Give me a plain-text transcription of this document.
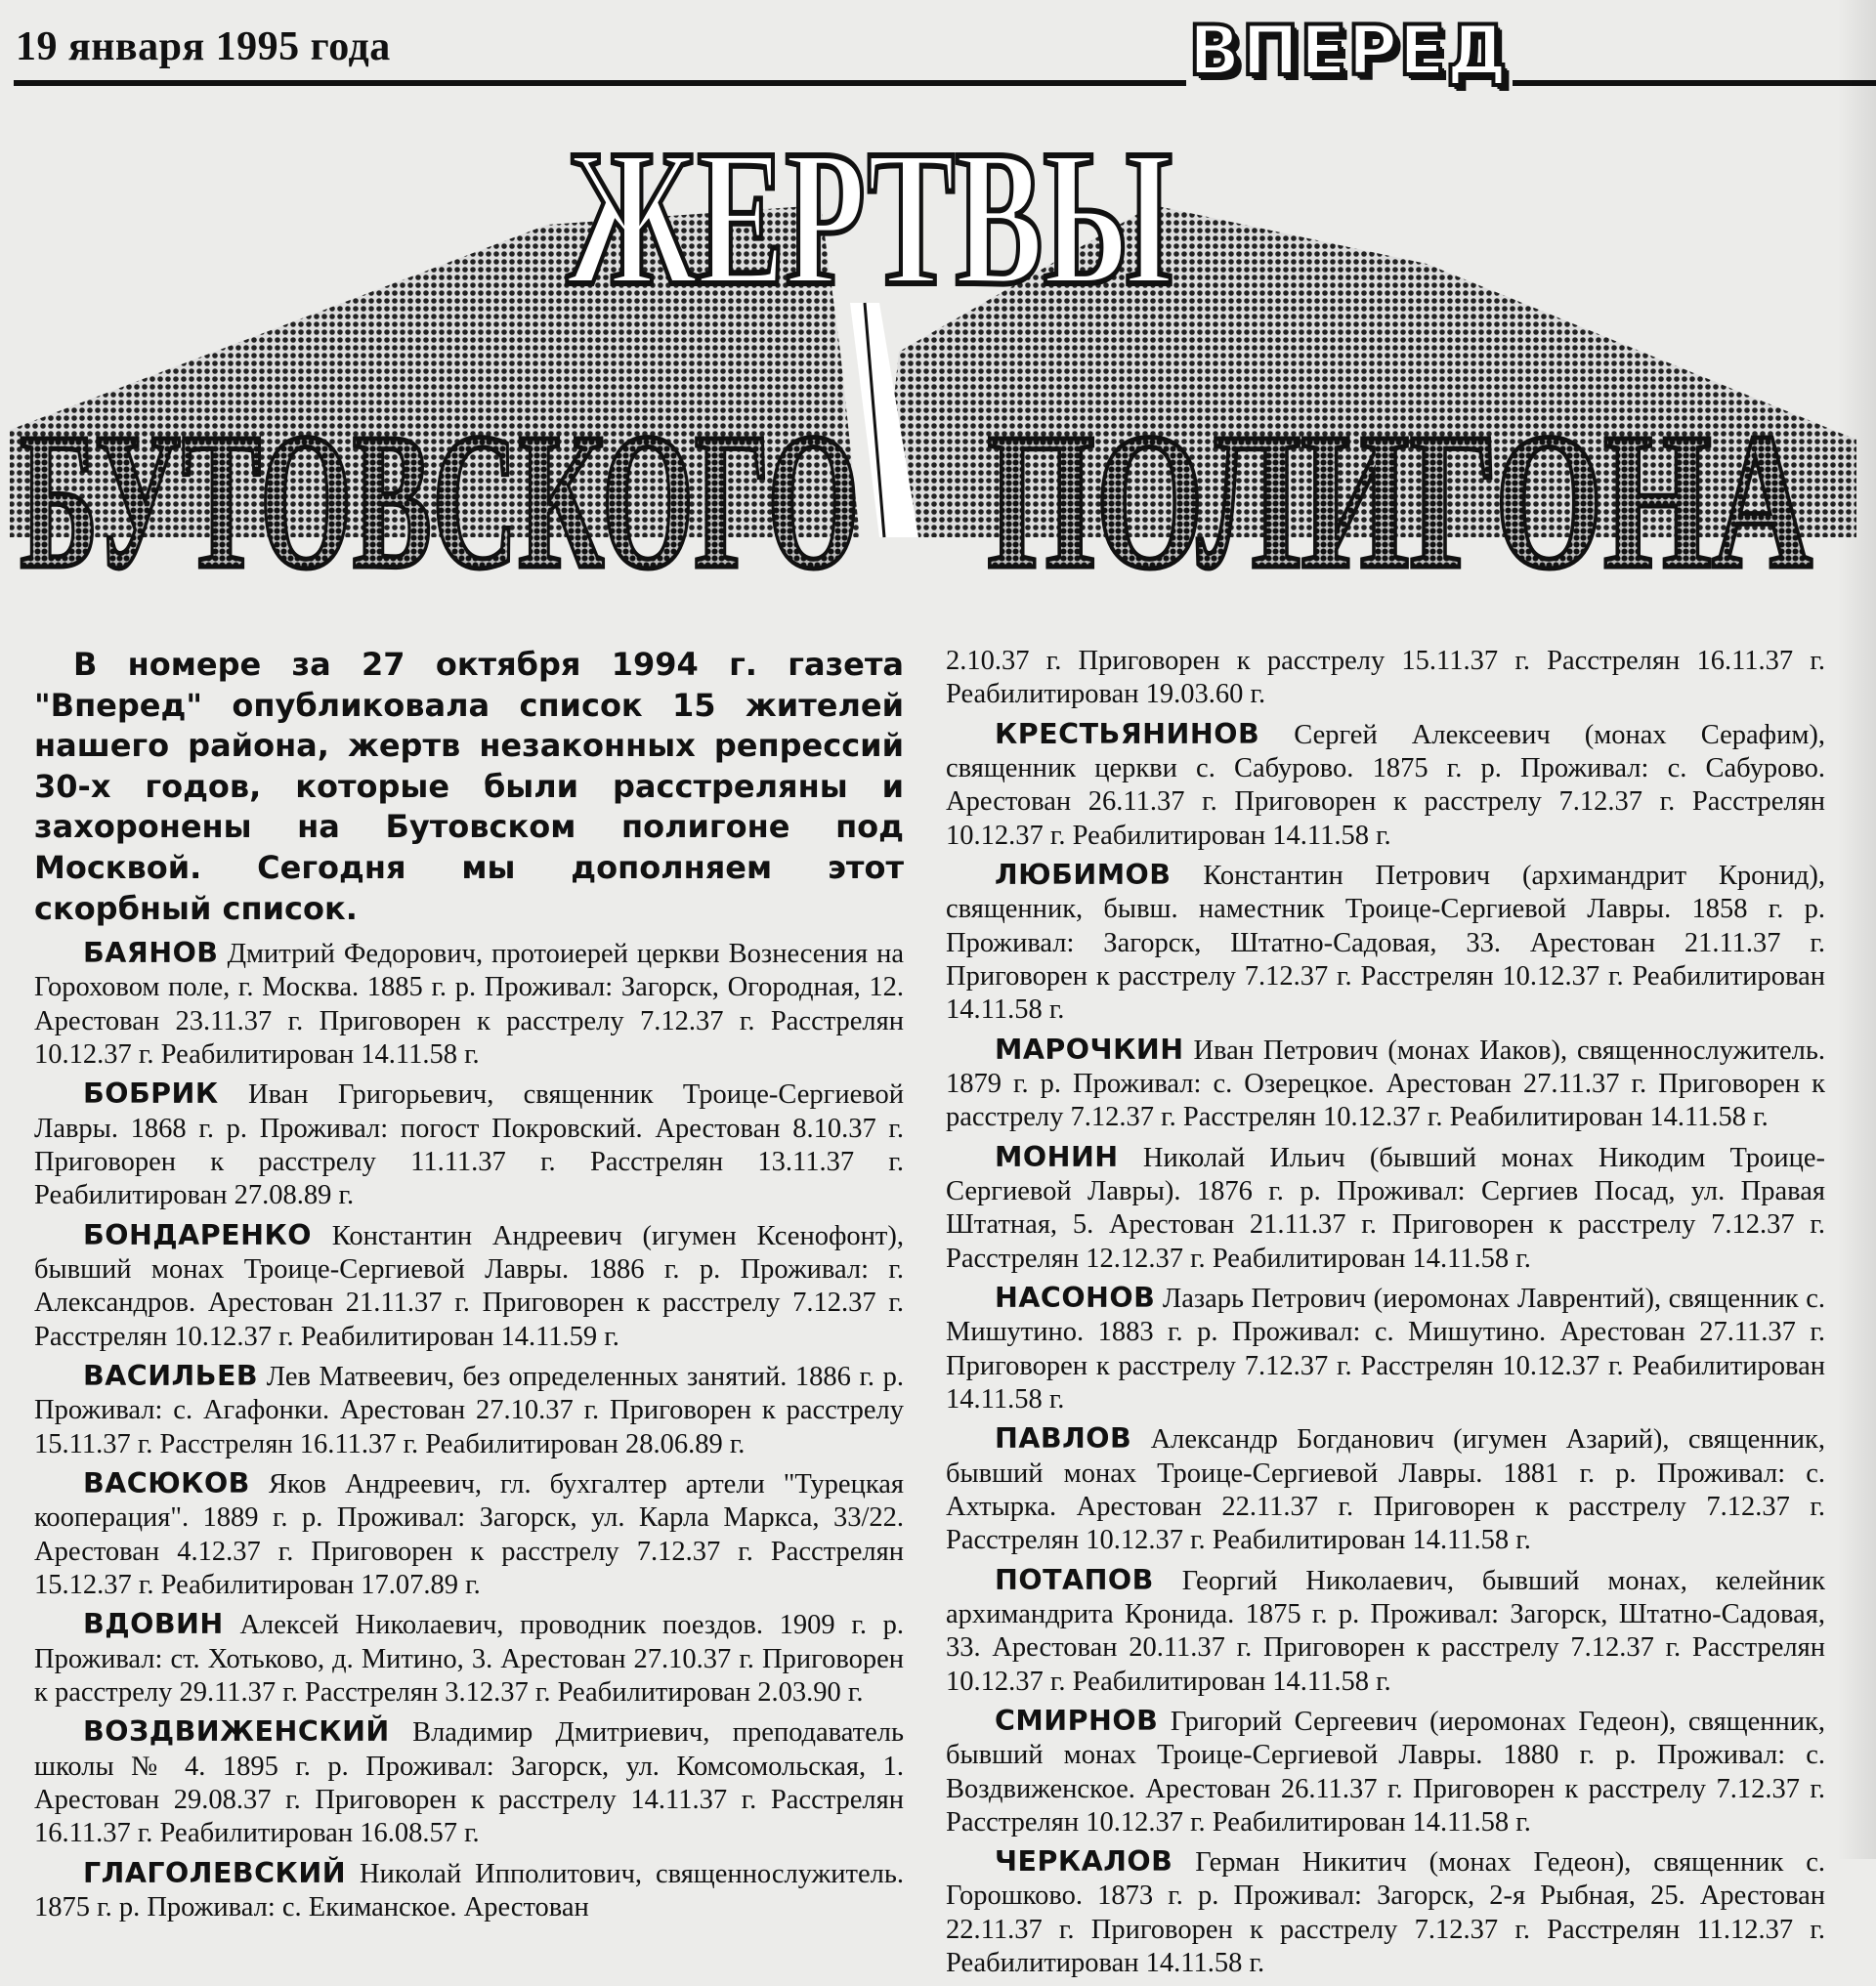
19 января 1995 года	ВПЕРЕД
ЖЕРТВЫ
БУТОВСКОГО ПОЛИГОНА

В номере за 27 октября 1994 г. газета "Вперед" опубликовала список 15 жителей нашего района, жертв незаконных репрессий 30-х годов, которые были расстреляны и захоронены на Бутовском полигоне под Москвой. Сегодня мы дополняем этот скорбный список.

БАЯНОВ Дмитрий Федорович, протоиерей церкви Вознесения на Гороховом поле, г. Москва. 1885 г. р. Проживал: Загорск, Огородная, 12. Арестован 23.11.37 г. Приговорен к расстрелу 7.12.37 г. Расстрелян 10.12.37 г. Реабилитирован 14.11.58 г.

БОБРИК Иван Григорьевич, священник Троице-Сергиевой Лавры. 1868 г. р. Проживал: погост Покровский. Арестован 8.10.37 г. Приговорен к расстрелу 11.11.37 г. Расстрелян 13.11.37 г. Реабилитирован 27.08.89 г.

БОНДАРЕНКО Константин Андреевич (игумен Ксенофонт), бывший монах Троице-Сергиевой Лавры. 1886 г. р. Проживал: г. Александров. Арестован 21.11.37 г. Приговорен к расстрелу 7.12.37 г. Расстрелян 10.12.37 г. Реабилитирован 14.11.59 г.

ВАСИЛЬЕВ Лев Матвеевич, без определенных занятий. 1886 г. р. Проживал: с. Агафонки. Арестован 27.10.37 г. Приговорен к расстрелу 15.11.37 г. Расстрелян 16.11.37 г. Реабилитирован 28.06.89 г.

ВАСЮКОВ Яков Андреевич, гл. бухгалтер артели "Турецкая кооперация". 1889 г. р. Проживал: Загорск, ул. Карла Маркса, 33/22. Арестован 4.12.37 г. Приговорен к расстрелу 7.12.37 г. Расстрелян 15.12.37 г. Реабилитирован 17.07.89 г.

ВДОВИН Алексей Николаевич, проводник поездов. 1909 г. р. Проживал: ст. Хотьково, д. Митино, 3. Арестован 27.10.37 г. Приговорен к расстрелу 29.11.37 г. Расстрелян 3.12.37 г. Реабилитирован 2.03.90 г.

ВОЗДВИЖЕНСКИЙ Владимир Дмитриевич, преподаватель школы № 4. 1895 г. р. Проживал: Загорск, ул. Комсомольская, 1. Арестован 29.08.37 г. Приговорен к расстрелу 14.11.37 г. Расстрелян 16.11.37 г. Реабилитирован 16.08.57 г.

ГЛАГОЛЕВСКИЙ Николай Ипполитович, священнослужитель. 1875 г. р. Проживал: с. Екиманское. Арестован

2.10.37 г. Приговорен к расстрелу 15.11.37 г. Расстрелян 16.11.37 г. Реабилитирован 19.03.60 г.

КРЕСТЬЯНИНОВ Сергей Алексеевич (монах Серафим), священник церкви с. Сабурово. 1875 г. р. Проживал: с. Сабурово. Арестован 26.11.37 г. Приговорен к расстрелу 7.12.37 г. Расстрелян 10.12.37 г. Реабилитирован 14.11.58 г.

ЛЮБИМОВ Константин Петрович (архимандрит Кронид), священник, бывш. наместник Троице-Сергиевой Лавры. 1858 г. р. Проживал: Загорск, Штатно-Садовая, 33. Арестован 21.11.37 г. Приговорен к расстрелу 7.12.37 г. Расстрелян 10.12.37 г. Реабилитирован 14.11.58 г.

МАРОЧКИН Иван Петрович (монах Иаков), священнослужитель. 1879 г. р. Проживал: с. Озерецкое. Арестован 27.11.37 г. Приговорен к расстрелу 7.12.37 г. Расстрелян 10.12.37 г. Реабилитирован 14.11.58 г.

МОНИН Николай Ильич (бывший монах Никодим Троице-Сергиевой Лавры). 1876 г. р. Проживал: Сергиев Посад, ул. Правая Штатная, 5. Арестован 21.11.37 г. Приговорен к расстрелу 7.12.37 г. Расстрелян 12.12.37 г. Реабилитирован 14.11.58 г.

НАСОНОВ Лазарь Петрович (иеромонах Лаврентий), священник с. Мишутино. 1883 г. р. Проживал: с. Мишутино. Арестован 27.11.37 г. Приговорен к расстрелу 7.12.37 г. Расстрелян 10.12.37 г. Реабилитирован 14.11.58 г.

ПАВЛОВ Александр Богданович (игумен Азарий), священник, бывший монах Троице-Сергиевой Лавры. 1881 г. р. Проживал: с. Ахтырка. Арестован 22.11.37 г. Приговорен к расстрелу 7.12.37 г. Расстрелян 10.12.37 г. Реабилитирован 14.11.58 г.

ПОТАПОВ Георгий Николаевич, бывший монах, келейник архимандрита Кронида. 1875 г. р. Проживал: Загорск, Штатно-Садовая, 33. Арестован 20.11.37 г. Приговорен к расстрелу 7.12.37 г. Расстрелян 10.12.37 г. Реабилитирован 14.11.58 г.

СМИРНОВ Григорий Сергеевич (иеромонах Гедеон), священник, бывший монах Троице-Сергиевой Лавры. 1880 г. р. Проживал: с. Воздвиженское. Арестован 26.11.37 г. Приговорен к расстрелу 7.12.37 г. Расстрелян 10.12.37 г. Реабилитирован 14.11.58 г.

ЧЕРКАЛОВ Герман Никитич (монах Гедеон), священник с. Горошково. 1873 г. р. Проживал: Загорск, 2-я Рыбная, 25. Арестован 22.11.37 г. Приговорен к расстрелу 7.12.37 г. Расстрелян 11.12.37 г. Реабилитирован 14.11.58 г.
